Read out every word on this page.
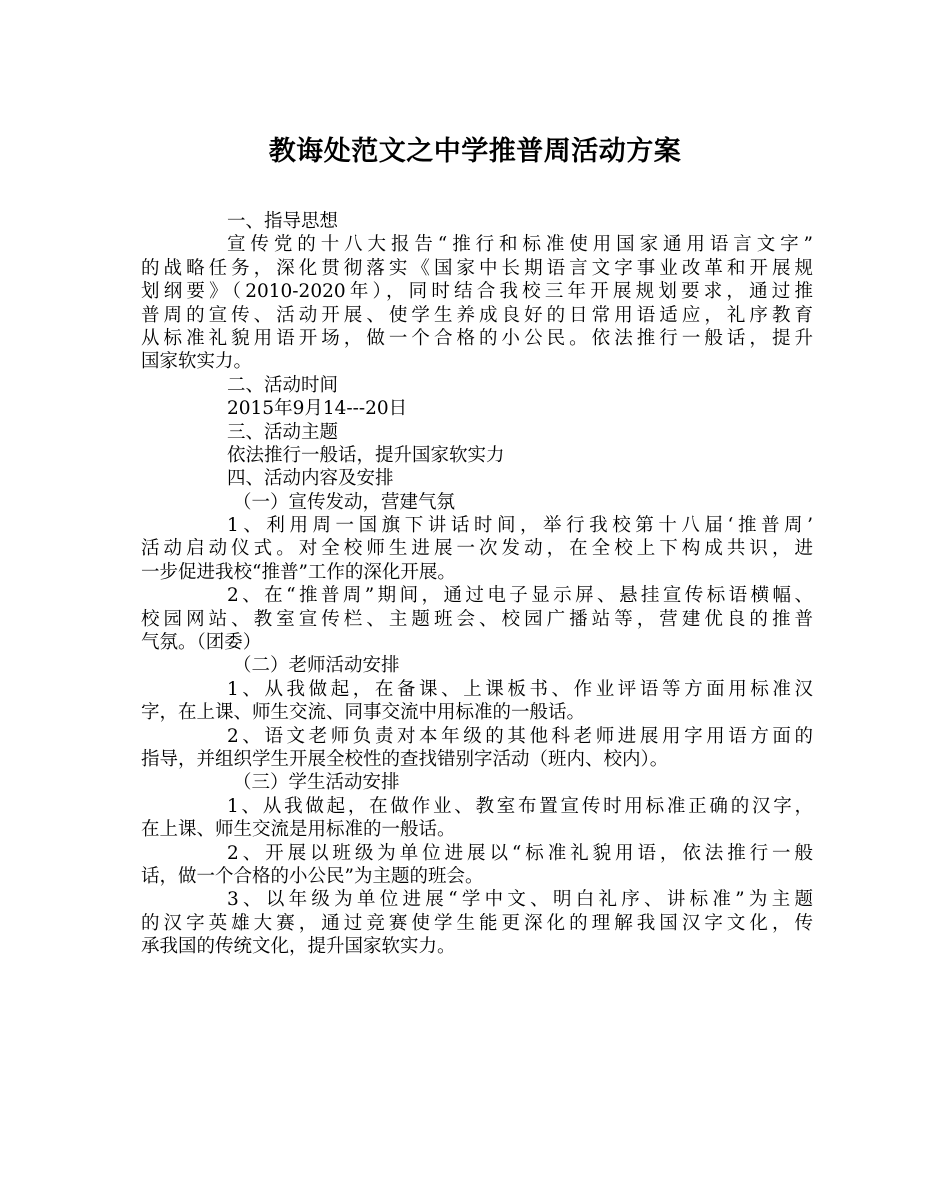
教诲处范文之中学推普周活动方案
一、指导思想
宣传党的十八大报告“推行和标准使用国家通用语言文字”
的战略任务，深化贯彻落实《国家中长期语言文字事业改革和开展规
划纲要》（2010-2020年），同时结合我校三年开展规划要求，通过推
普周的宣传、活动开展、使学生养成良好的日常用语适应，礼序教育
从标准礼貌用语开场，做一个合格的小公民。依法推行一般话，提升
国家软实力。
二、活动时间
2015年9月14---20日
三、活动主题
依法推行一般话，提升国家软实力
四、活动内容及安排
（一）宣传发动，营建气氛
1、利用周一国旗下讲话时间，举行我校第十八届‘推普周’
活动启动仪式。对全校师生进展一次发动，在全校上下构成共识，进
一步促进我校“推普”工作的深化开展。
2、在“推普周”期间，通过电子显示屏、悬挂宣传标语横幅、
校园网站、教室宣传栏、主题班会、校园广播站等，营建优良的推普
气氛。（团委）
（二）老师活动安排
1、从我做起，在备课、上课板书、作业评语等方面用标准汉
字，在上课、师生交流、同事交流中用标准的一般话。
2、语文老师负责对本年级的其他科老师进展用字用语方面的
指导，并组织学生开展全校性的查找错别字活动（班内、校内）。
（三）学生活动安排
1、从我做起，在做作业、教室布置宣传时用标准正确的汉字，
在上课、师生交流是用标准的一般话。
2、开展以班级为单位进展以“标准礼貌用语，依法推行一般
话，做一个合格的小公民”为主题的班会。
3、以年级为单位进展“学中文、明白礼序、讲标准”为主题
的汉字英雄大赛，通过竞赛使学生能更深化的理解我国汉字文化，传
承我国的传统文化，提升国家软实力。
